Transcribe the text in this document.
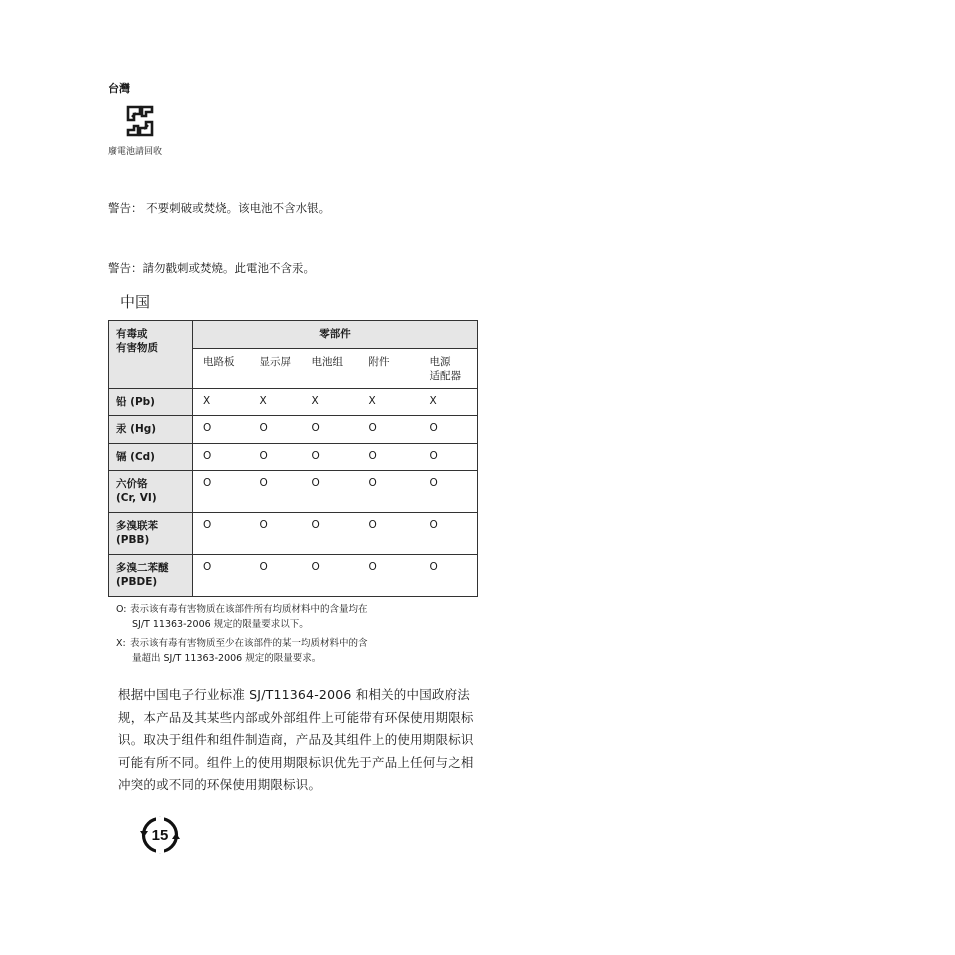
台灣
廢電池請回收
警告： 不要刺破或焚烧。该电池不含水银。
警告：請勿戳刺或焚燒。此電池不含汞。
中国
有毒或
有害物质	零部件				

	电路板	显示屏	电池组	附件	电源
适配器

铅 (Pb)	X	X	X	X	X

汞 (Hg)	O	O	O	O	O

镉 (Cd)	O	O	O	O	O

六价铬
(Cr, VI)	O	O	O	O	O

多溴联苯
(PBB)	O	O	O	O	O

多溴二苯醚
(PBDE)	O	O	O	O	O
O: 表示该有毒有害物质在该部件所有均质材料中的含量均在
SJ/T 11363-2006 规定的限量要求以下。
X: 表示该有毒有害物质至少在该部件的某一均质材料中的含
量超出 SJ/T 11363-2006 规定的限量要求。
根据中国电子行业标准 SJ/T11364-2006 和相关的中国政府法规，本产品及其某些内部或外部组件上可能带有环保使用期限标识。取决于组件和组件制造商，产品及其组件上的使用期限标识可能有所不同。组件上的使用期限标识优先于产品上任何与之相冲突的或不同的环保使用期限标识。
15
